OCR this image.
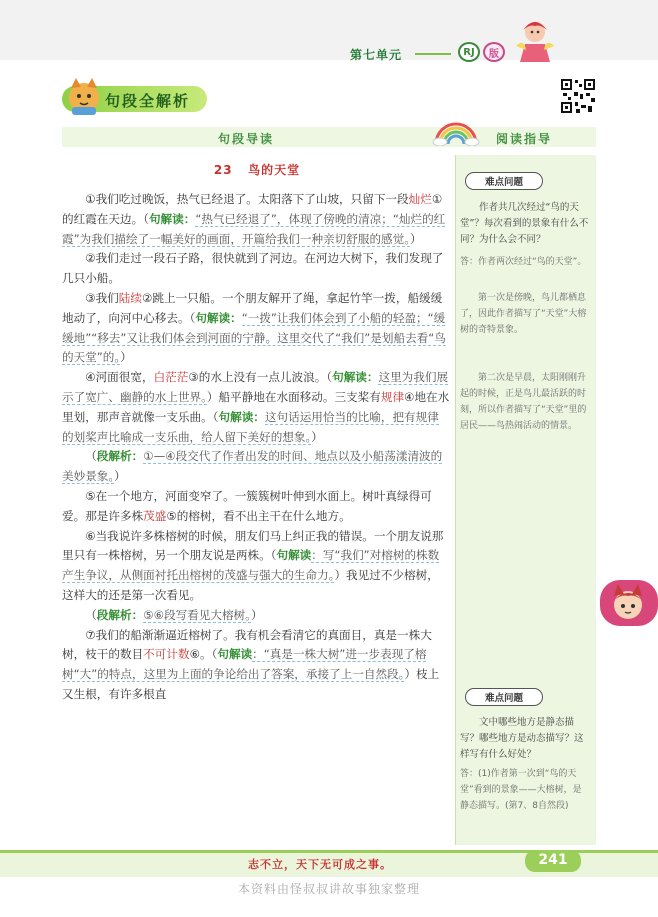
第七单元	RJ	版
句段全解析
句段导读	阅读指导
23 鸟的天堂

①我们吃过晚饭，热气已经退了。太阳落下了山坡，只留下一段灿烂①的红霞在天边。（句解读：“热气已经退了”，体现了傍晚的清凉；“灿烂的红霞”为我们描绘了一幅美好的画面，开篇给我们一种亲切舒服的感觉。）

②我们走过一段石子路，很快就到了河边。在河边大树下，我们发现了几只小船。

③我们陆续②跳上一只船。一个朋友解开了绳，拿起竹竿一拨，船缓缓地动了，向河中心移去。（句解读：“一拨”让我们体会到了小船的轻盈；“缓缓地”“移去”又让我们体会到河面的宁静。这里交代了“我们”是划船去看“鸟的天堂”的。）

④河面很宽，白茫茫③的水上没有一点儿波浪。（句解读：这里为我们展示了宽广、幽静的水上世界。）船平静地在水面移动。三支桨有规律④地在水里划，那声音就像一支乐曲。（句解读：这句话运用恰当的比喻，把有规律的划桨声比喻成一支乐曲，给人留下美好的想象。）

（段解析：①—④段交代了作者出发的时间、地点以及小船荡漾清波的美妙景象。）

⑤在一个地方，河面变窄了。一簇簇树叶伸到水面上。树叶真绿得可爱。那是许多株茂盛⑤的榕树，看不出主干在什么地方。

⑥当我说许多株榕树的时候，朋友们马上纠正我的错误。一个朋友说那里只有一株榕树，另一个朋友说是两株。（句解读：写“我们”对榕树的株数产生争议，从侧面衬托出榕树的茂盛与强大的生命力。）我见过不少榕树，这样大的还是第一次看见。

（段解析：⑤⑥段写看见大榕树。）

⑦我们的船渐渐逼近榕树了。我有机会看清它的真面目，真是一株大树，枝干的数目不可计数⑥。（句解读：“真是一株大树”进一步表现了榕树“大”的特点，这里为上面的争论给出了答案，承接了上一自然段。）枝上又生根，有许多根直

难点问题
作者共几次经过“鸟的天堂”？每次看到的景象有什么不同？为什么会不同？
答：作者两次经过“鸟的天堂”。
第一次是傍晚，鸟儿都栖息了，因此作者描写了“天堂”大榕树的奇特景象。
第二次是早晨，太阳刚刚升起的时候，正是鸟儿最活跃的时刻，所以作者描写了“天堂”里的居民——鸟热闹活动的情景。
难点问题
文中哪些地方是静态描写？哪些地方是动态描写？这样写有什么好处？
答：(1)作者第一次到“鸟的天堂”看到的景象——大榕树，是静态描写。(第7、8自然段)
志不立，天下无可成之事。	241
本资料由怪叔叔讲故事独家整理
